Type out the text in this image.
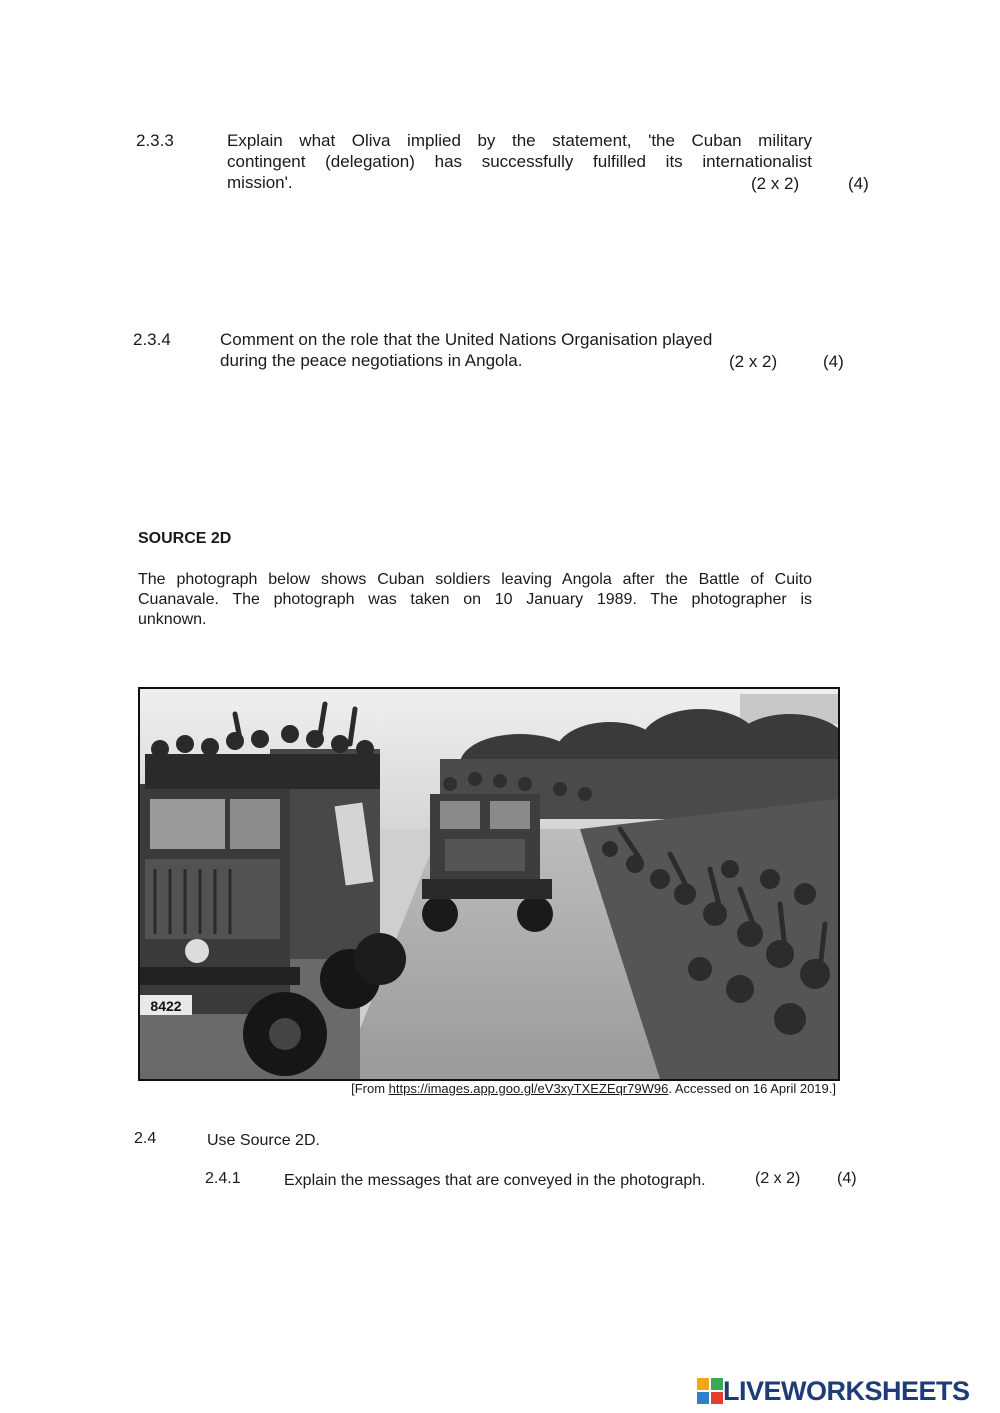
2.3.3	Explain what Oliva implied by the statement, 'the Cuban military

contingent (delegation) has successfully fulfilled its internationalist

mission'.	(2 x 2)	(4)
2.3.4	Comment on the role that the United Nations Organisation played

during the peace negotiations in Angola.	(2 x 2)	(4)
SOURCE 2D

The photograph below shows Cuban soldiers leaving Angola after the Battle of Cuito

Cuanavale. The photograph was taken on 10 January 1989. The photographer is

unknown.

8422
[From https://images.app.goo.gl/eV3xyTXEZEqr79W96. Accessed on 16 April 2019.]
2.4	Use Source 2D.
2.4.1	Explain the messages that are conveyed in the photograph.	(2 x 2) (4)
LIVEWORKSHEETS
